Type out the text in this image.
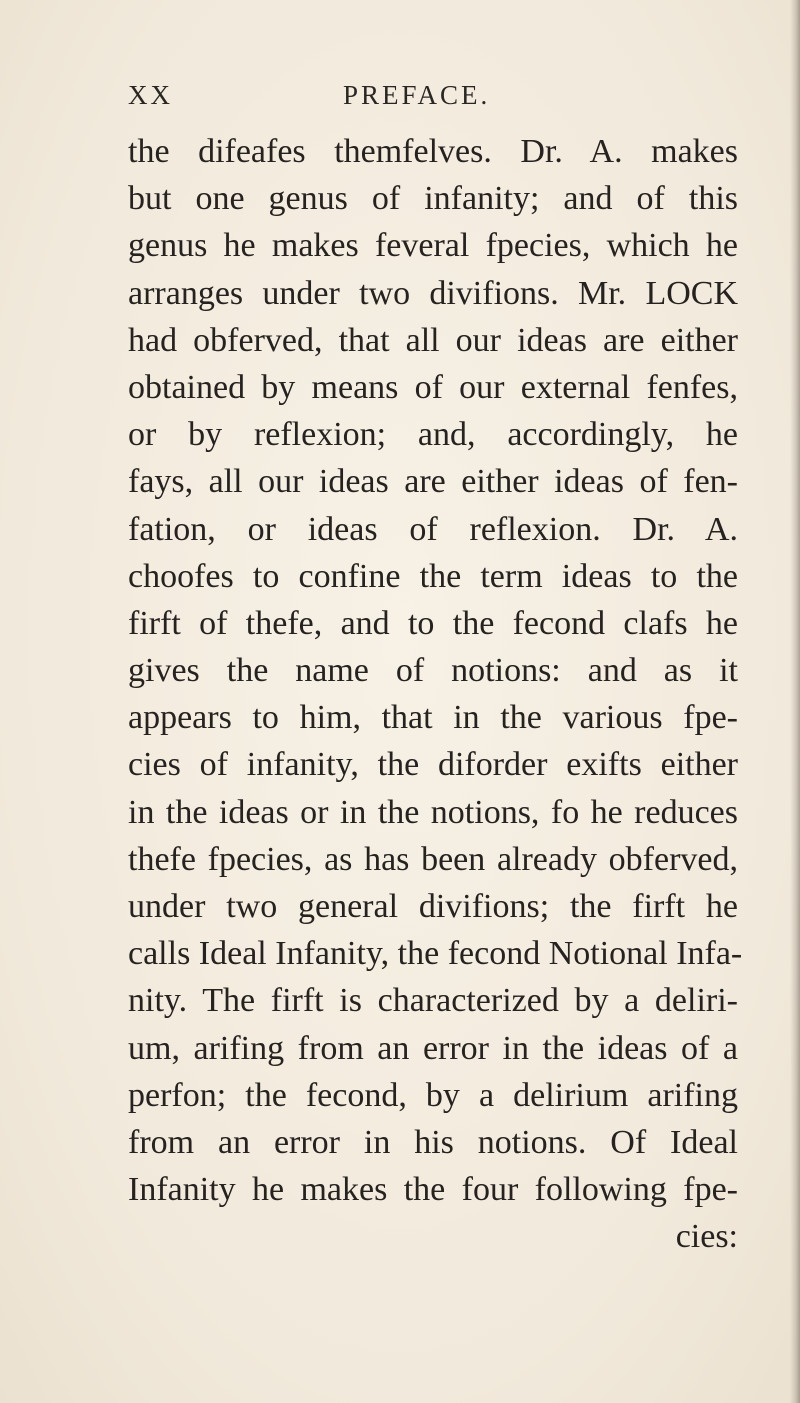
XX	PREFACE.
the difeafes themfelves. Dr. A. makes
but one genus of infanity; and of this
genus he makes feveral fpecies, which he
arranges under two divifions. Mr. LOCK
had obferved, that all our ideas are either
obtained by means of our external fenfes,
or by reflexion; and, accordingly, he
fays, all our ideas are either ideas of fen-
fation, or ideas of reflexion. Dr. A.
choofes to confine the term ideas to the
firft of thefe, and to the fecond clafs he
gives the name of notions: and as it
appears to him, that in the various fpe-
cies of infanity, the diforder exifts either
in the ideas or in the notions, fo he reduces
thefe fpecies, as has been already obferved,
under two general divifions; the firft he
calls Ideal Infanity, the fecond Notional Infa-
nity. The firft is characterized by a deliri-
um, arifing from an error in the ideas of a
perfon; the fecond, by a delirium arifing
from an error in his notions. Of Ideal
Infanity he makes the four following fpe-
cies:
